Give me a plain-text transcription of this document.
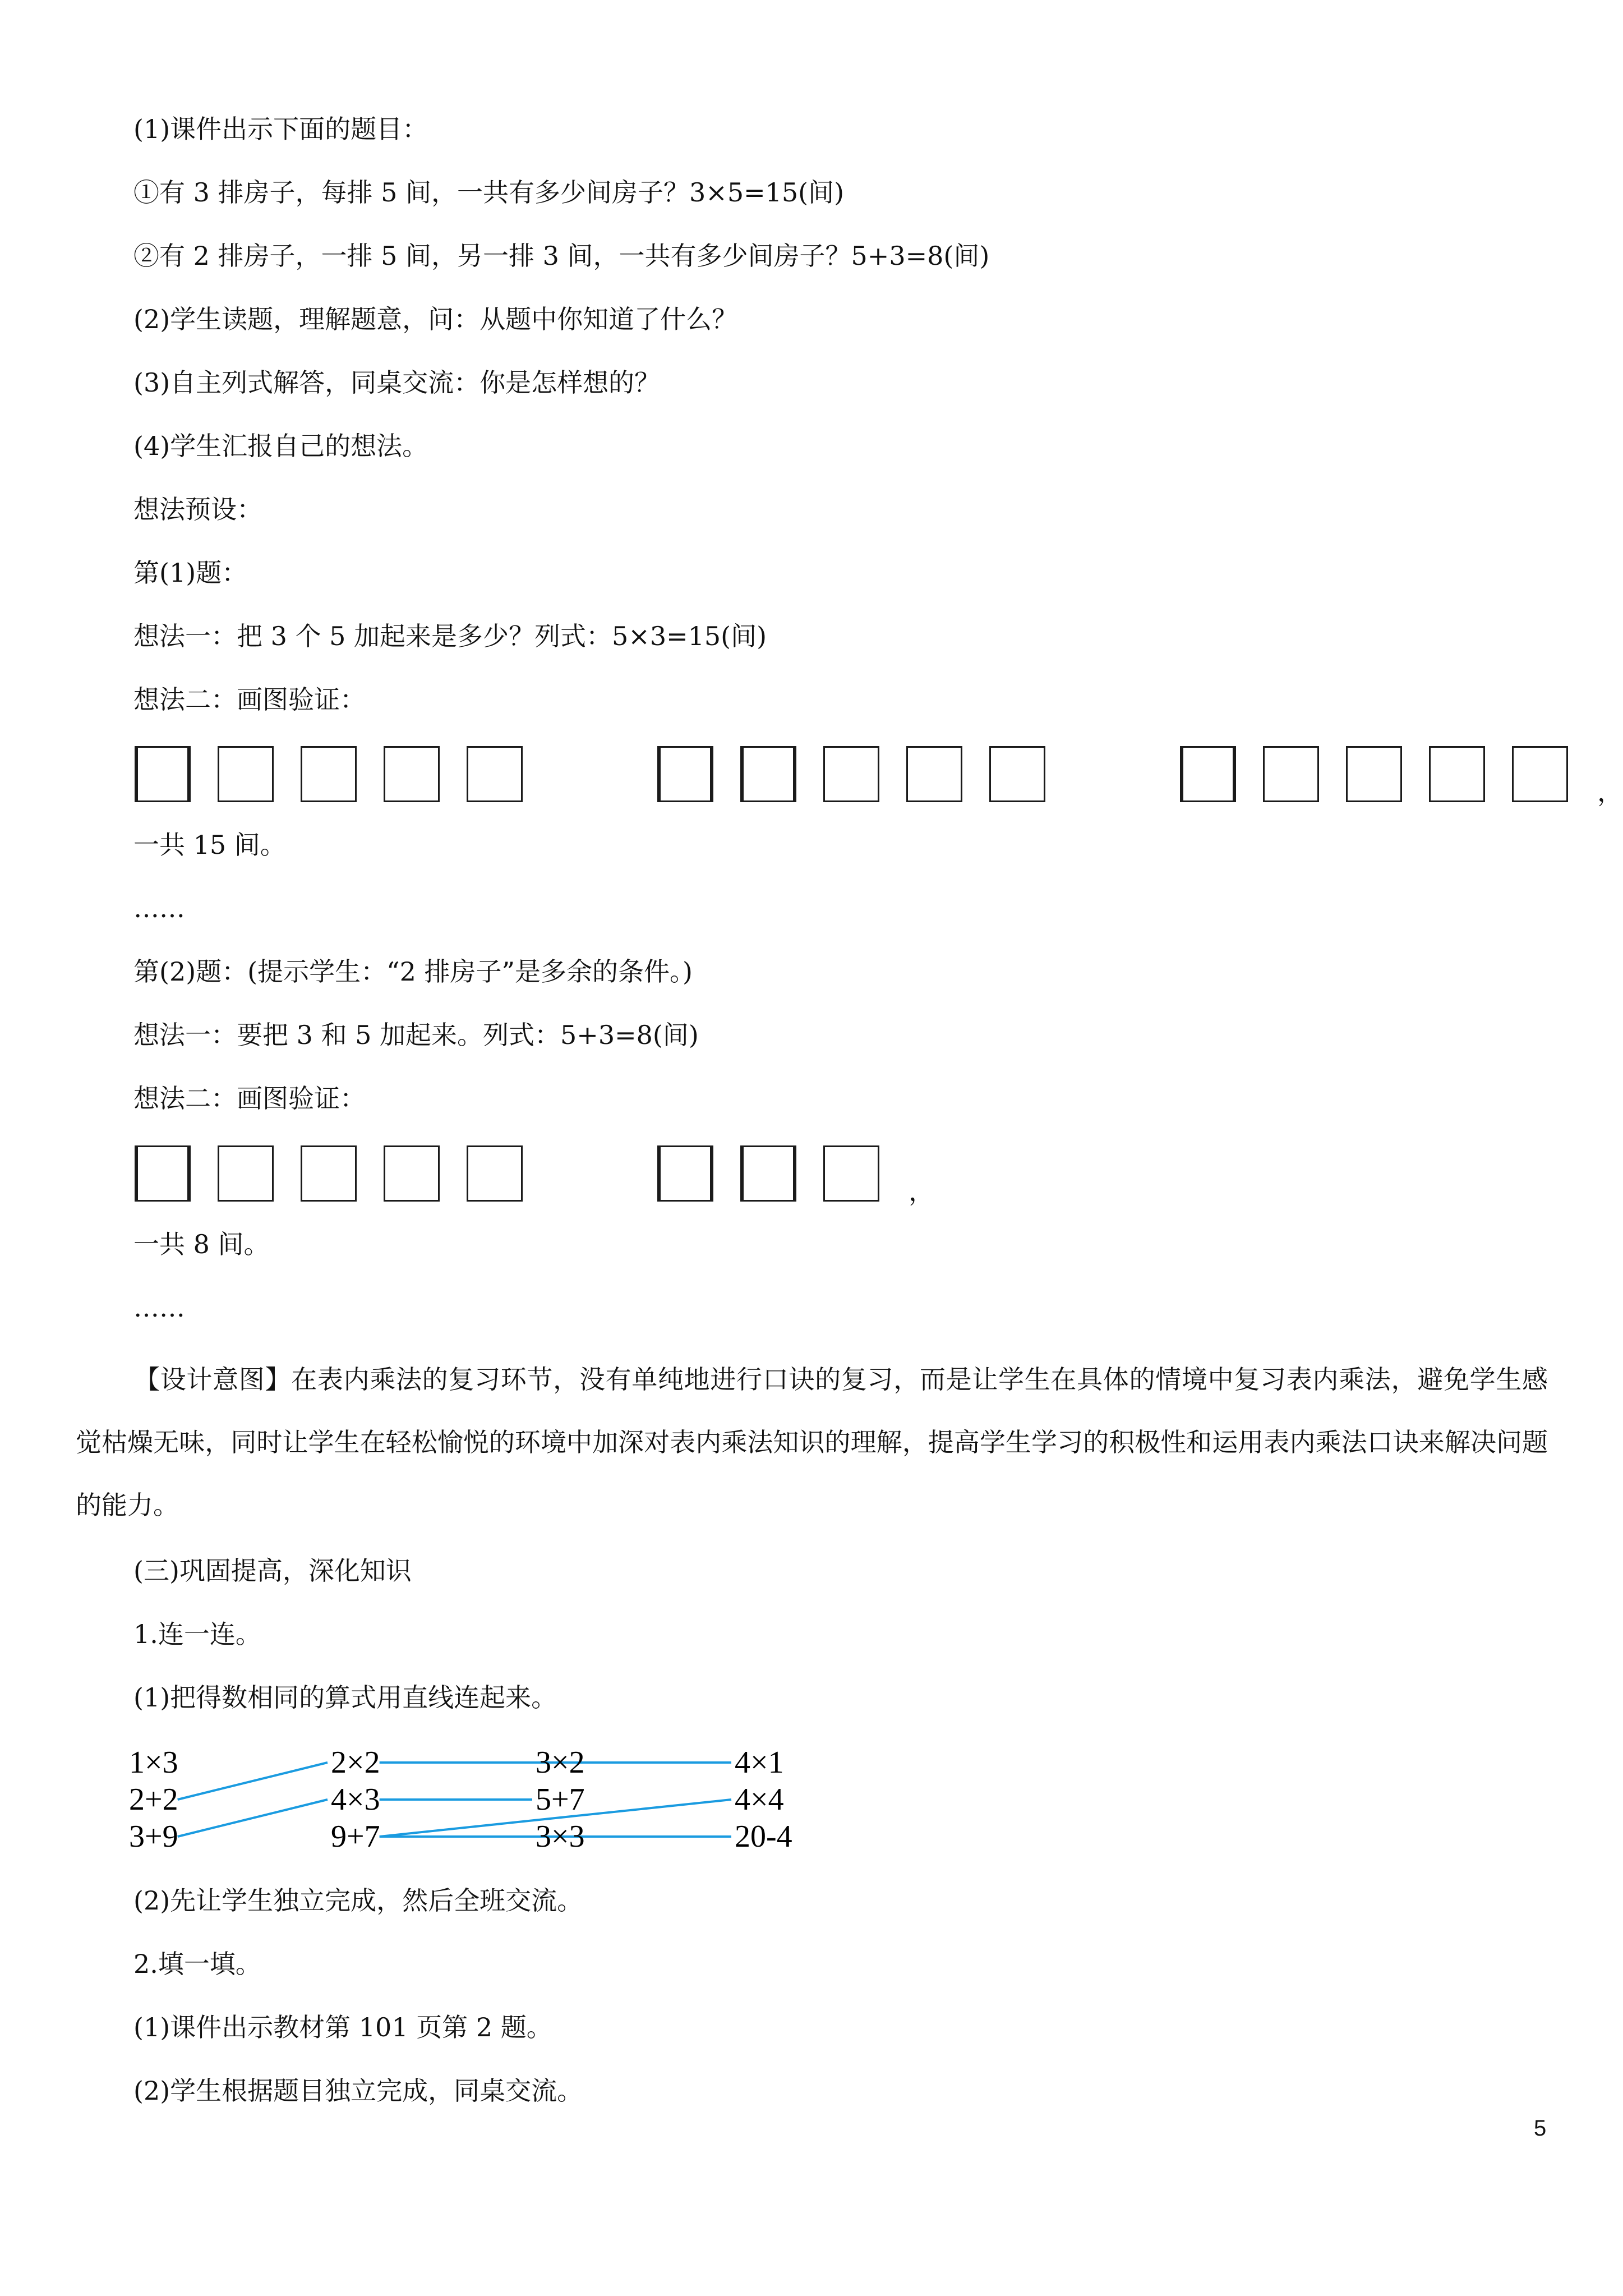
(1)课件出示下面的题目：
①有 3 排房子，每排 5 间，一共有多少间房子？3×5=15(间)
②有 2 排房子，一排 5 间，另一排 3 间，一共有多少间房子？5+3=8(间)
(2)学生读题，理解题意，问：从题中你知道了什么？
(3)自主列式解答，同桌交流：你是怎样想的？
(4)学生汇报自己的想法。
想法预设：
第(1)题：
想法一：把 3 个 5 加起来是多少？列式：5×3=15(间)
想法二：画图验证：
，
一共 15 间。
……
第(2)题：(提示学生：“2 排房子”是多余的条件。)
想法一：要把 3 和 5 加起来。列式：5+3=8(间)
想法二：画图验证：
，
一共 8 间。
……
【设计意图】在表内乘法的复习环节，没有单纯地进行口诀的复习，而是让学生在具体的情境中复习表内乘法，避免学生感觉枯燥无味，同时让学生在轻松愉悦的环境中加深对表内乘法知识的理解，提高学生学习的积极性和运用表内乘法口诀来解决问题的能力。
(三)巩固提高，深化知识
1.连一连。
(1)把得数相同的算式用直线连起来。
1×3
2+2
3+9
2×2
4×3
9+7
3×2
5+7
3×3
4×1
4×4
20-4
(2)先让学生独立完成，然后全班交流。
2.填一填。
(1)课件出示教材第 101 页第 2 题。
(2)学生根据题目独立完成，同桌交流。
5
